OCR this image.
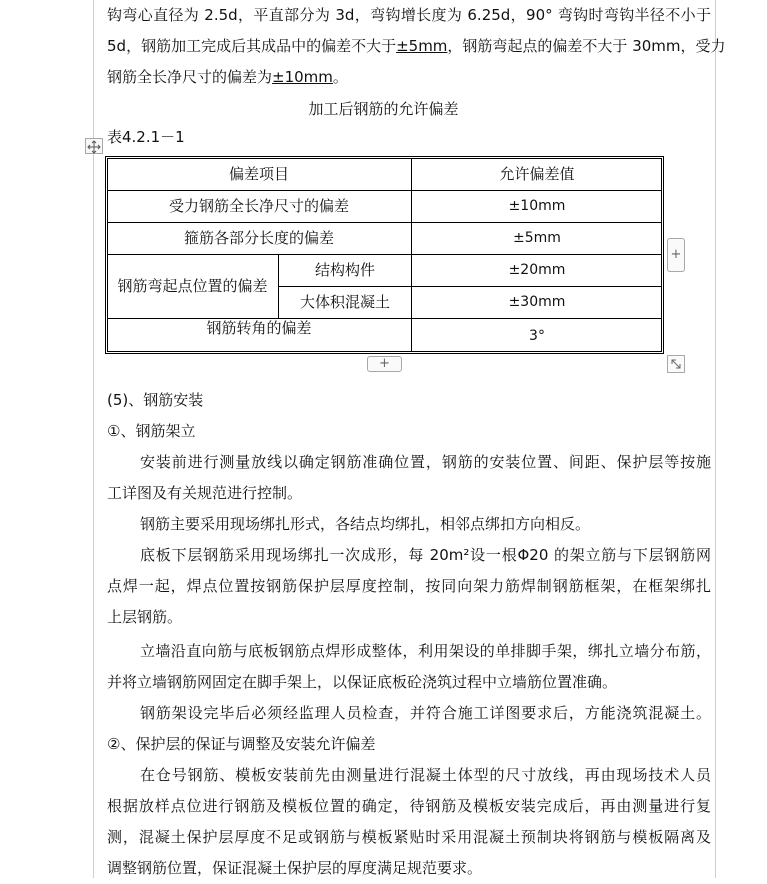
钩弯心直径为 2.5d，平直部分为 3d，弯钩增长度为 6.25d，90° 弯钩时弯钩半径不小于
5d，钢筋加工完成后其成品中的偏差不大于±5mm，钢筋弯起点的偏差不大于 30mm，受力
钢筋全长净尺寸的偏差为±10mm。
加工后钢筋的允许偏差
表4.2.1－1
偏差项目	允许偏差值
受力钢筋全长净尺寸的偏差	±10mm
箍筋各部分长度的偏差	±5mm
钢筋弯起点位置的偏差
结构构件	±20mm
大体积混凝土	±30mm
钢筋转角的偏差	3°
+
+
(5)、钢筋安装
①、钢筋架立
安装前进行测量放线以确定钢筋准确位置，钢筋的安装位置、间距、保护层等按施
工详图及有关规范进行控制。
钢筋主要采用现场绑扎形式，各结点均绑扎，相邻点绑扣方向相反。
底板下层钢筋采用现场绑扎一次成形，每 20m²设一根Φ20 的架立筋与下层钢筋网
点焊一起，焊点位置按钢筋保护层厚度控制，按同向架力筋焊制钢筋框架，在框架绑扎
上层钢筋。
立墙沿直向筋与底板钢筋点焊形成整体，利用架设的单排脚手架，绑扎立墙分布筋，
并将立墙钢筋网固定在脚手架上，以保证底板砼浇筑过程中立墙筋位置准确。
钢筋架设完毕后必须经监理人员检查，并符合施工详图要求后，方能浇筑混凝土。
②、保护层的保证与调整及安装允许偏差
在仓号钢筋、模板安装前先由测量进行混凝土体型的尺寸放线，再由现场技术人员
根据放样点位进行钢筋及模板位置的确定，待钢筋及模板安装完成后，再由测量进行复
测，混凝土保护层厚度不足或钢筋与模板紧贴时采用混凝土预制块将钢筋与模板隔离及
调整钢筋位置，保证混凝土保护层的厚度满足规范要求。
